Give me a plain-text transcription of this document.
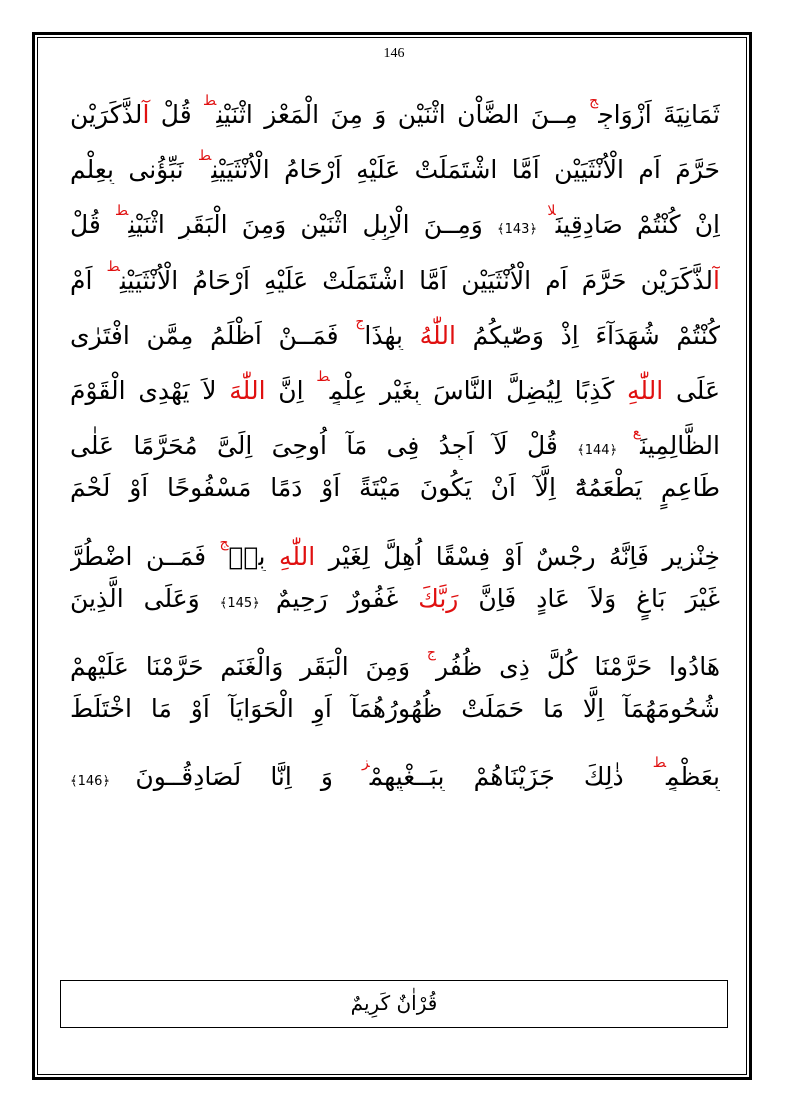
146
ثَمَانِيَةَ اَزْوَاجٍ$^ج$ مِــنَ الضَّاْنِ اثْنَيْنِ وَ مِنَ الْمَعْزِ اثْنَيْنِ$^ط$ قُلْ آلذَّكَرَيْنِ
حَرَّمَ اَمِ الْاُنْثَيَيْنِ اَمَّا اشْتَمَلَتْ عَلَيْهِ اَرْحَامُ الْاُنْثَيَيْنِ$^ط$ نَبِّؤُنى بِعِلْمٍ
اِنْ كُنْتُمْ صَادِقِينَ$^{لا}$ ﴿143﴾ وَمِــنَ الْاِبِلِ اثْنَيْنِ وَمِنَ الْبَقَرِ اثْنَيْنِ$^ط$ قُلْ
آلذَّكَرَيْنِ حَرَّمَ اَمِ الْاُنْثَيَيْنِ اَمَّا اشْتَمَلَتْ عَلَيْهِ اَرْحَامُ الْاُنْثَيَيْنِ$^ط$ اَمْ
كُنْتُمْ شُهَدَآءَ اِذْ وَصّٰيكُمُ اللّٰهُ بِهٰذَا$^ج$ فَمَــنْ اَظْلَمُ مِمَّنِ افْتَرٰى
عَلَى اللّٰهِ كَذِبًا لِيُضِلَّ النَّاسَ بِغَيْرِ عِلْمٍ$^ط$ اِنَّ اللّٰهَ لاَ يَهْدِى الْقَوْمَ
الظَّالِمِينَ$^ع$ ﴿144﴾ قُلْ لَآ اَجِدُ فِى مَآ اُوحِىَ اِلَىَّ مُحَرَّمًا عَلٰى
طَاعِمٍ يَطْعَمُهُٓ اِلَّآ اَنْ يَكُونَ مَيْتَةً اَوْ دَمًا مَسْفُوحًا اَوْ لَحْمَ
خِنْزِيرٍ فَاِنَّهُ رِجْسٌ اَوْ فِسْقًا اُهِلَّ لِغَيْرِ اللّٰهِ بِهٖ$^ج$ فَمَــنِ اضْطُرَّ
غَيْرَ بَاغٍ وَلاَ عَادٍ فَاِنَّ رَبَّكَ غَفُورٌ رَحِيمٌ ﴿145﴾ وَعَلَى الَّذِينَ
هَادُوا حَرَّمْنَا كُلَّ ذِى ظُفُرٍ$^ج$ وَمِنَ الْبَقَرِ وَالْغَنَمِ حَرَّمْنَا عَلَيْهِمْ
شُحُومَهُمَآ اِلَّا مَا حَمَلَتْ ظُهُورُهُمَآ اَوِ الْحَوَايَآ اَوْ مَا اخْتَلَطَ
بِعَظْمٍ$^ط$ ذٰلِكَ جَزَيْنَاهُمْ بِبَــغْيِهِمْ$^ز$ وَ اِنَّا لَصَادِقُــونَ ﴿146﴾
قُرْاٰنٌ كَرِيمٌ
